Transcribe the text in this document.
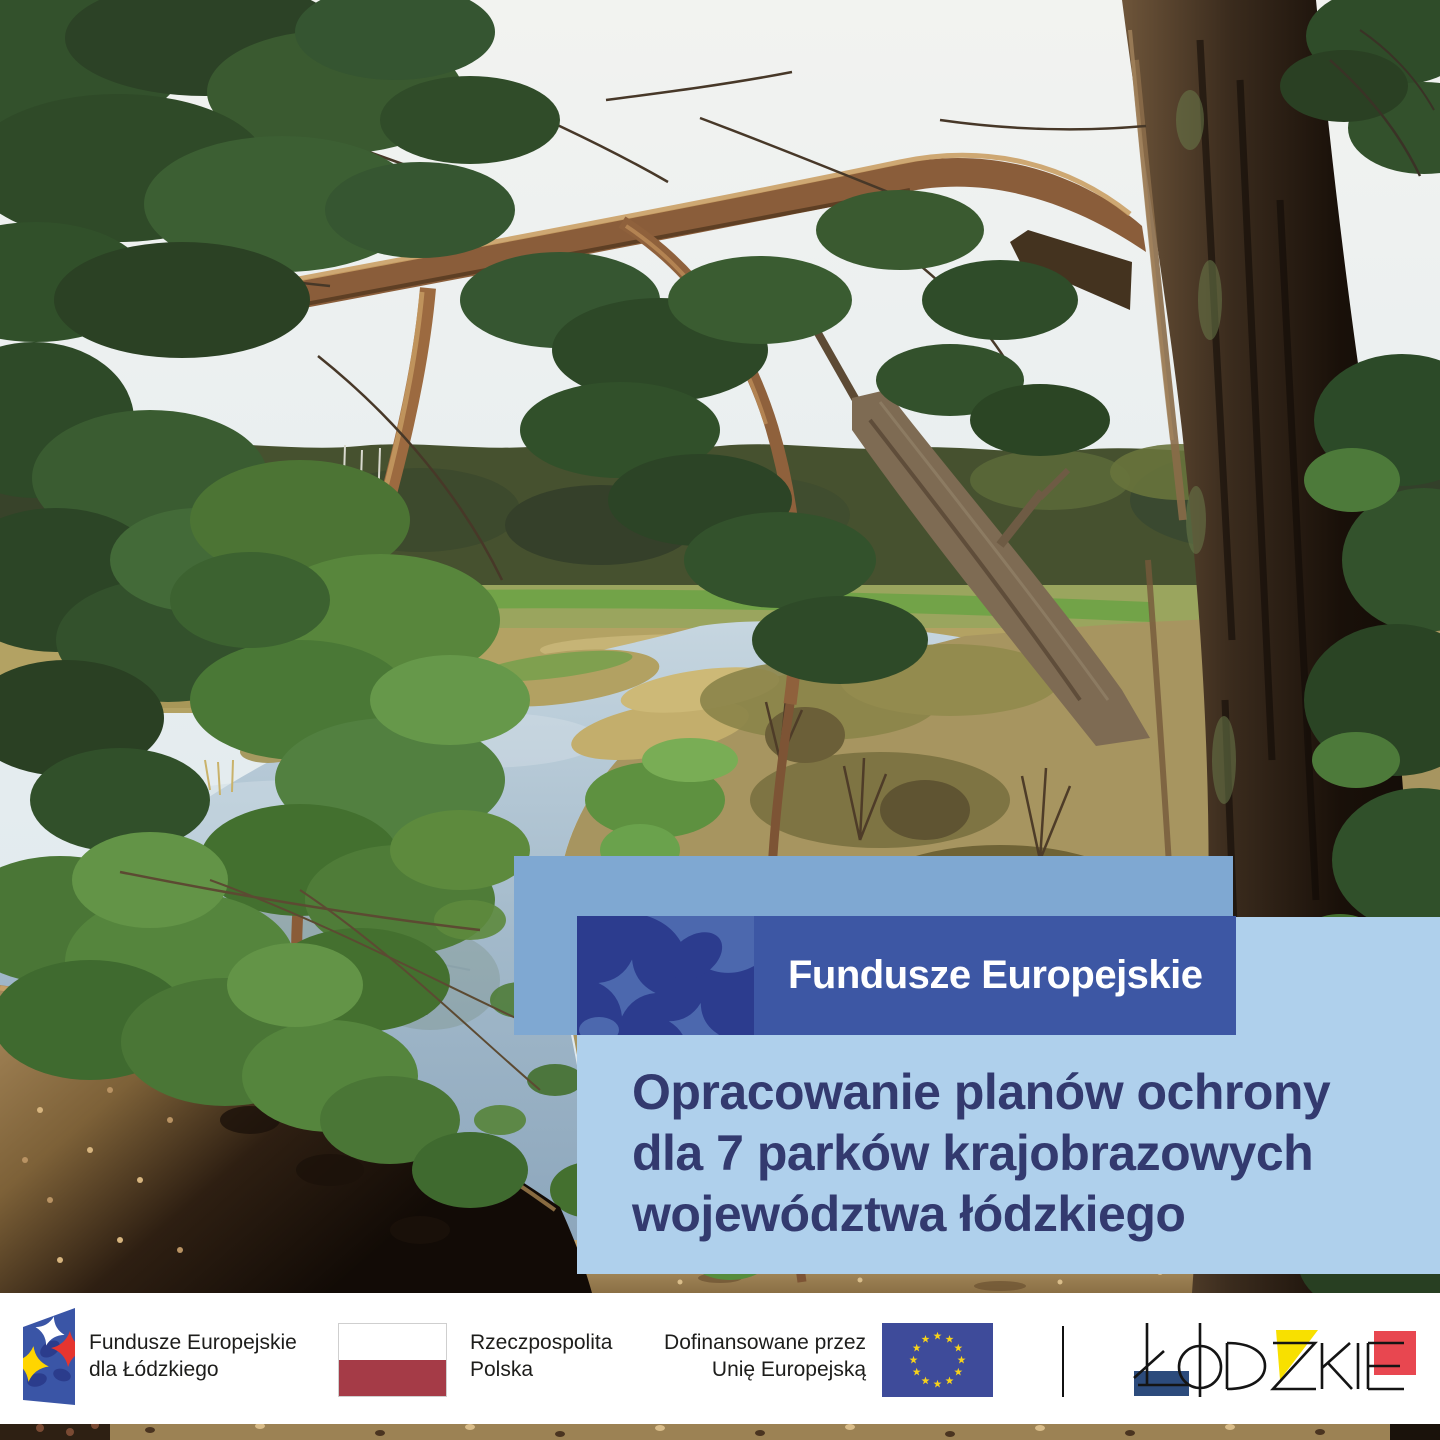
Fundusze Europejskie
Opracowanie planów ochrony
dla 7 parków krajobrazowych
województwa łódzkiego
Fundusze Europejskie
dla Łódzkiego
Rzeczpospolita
Polska
Dofinansowane przez
Unię Europejską
